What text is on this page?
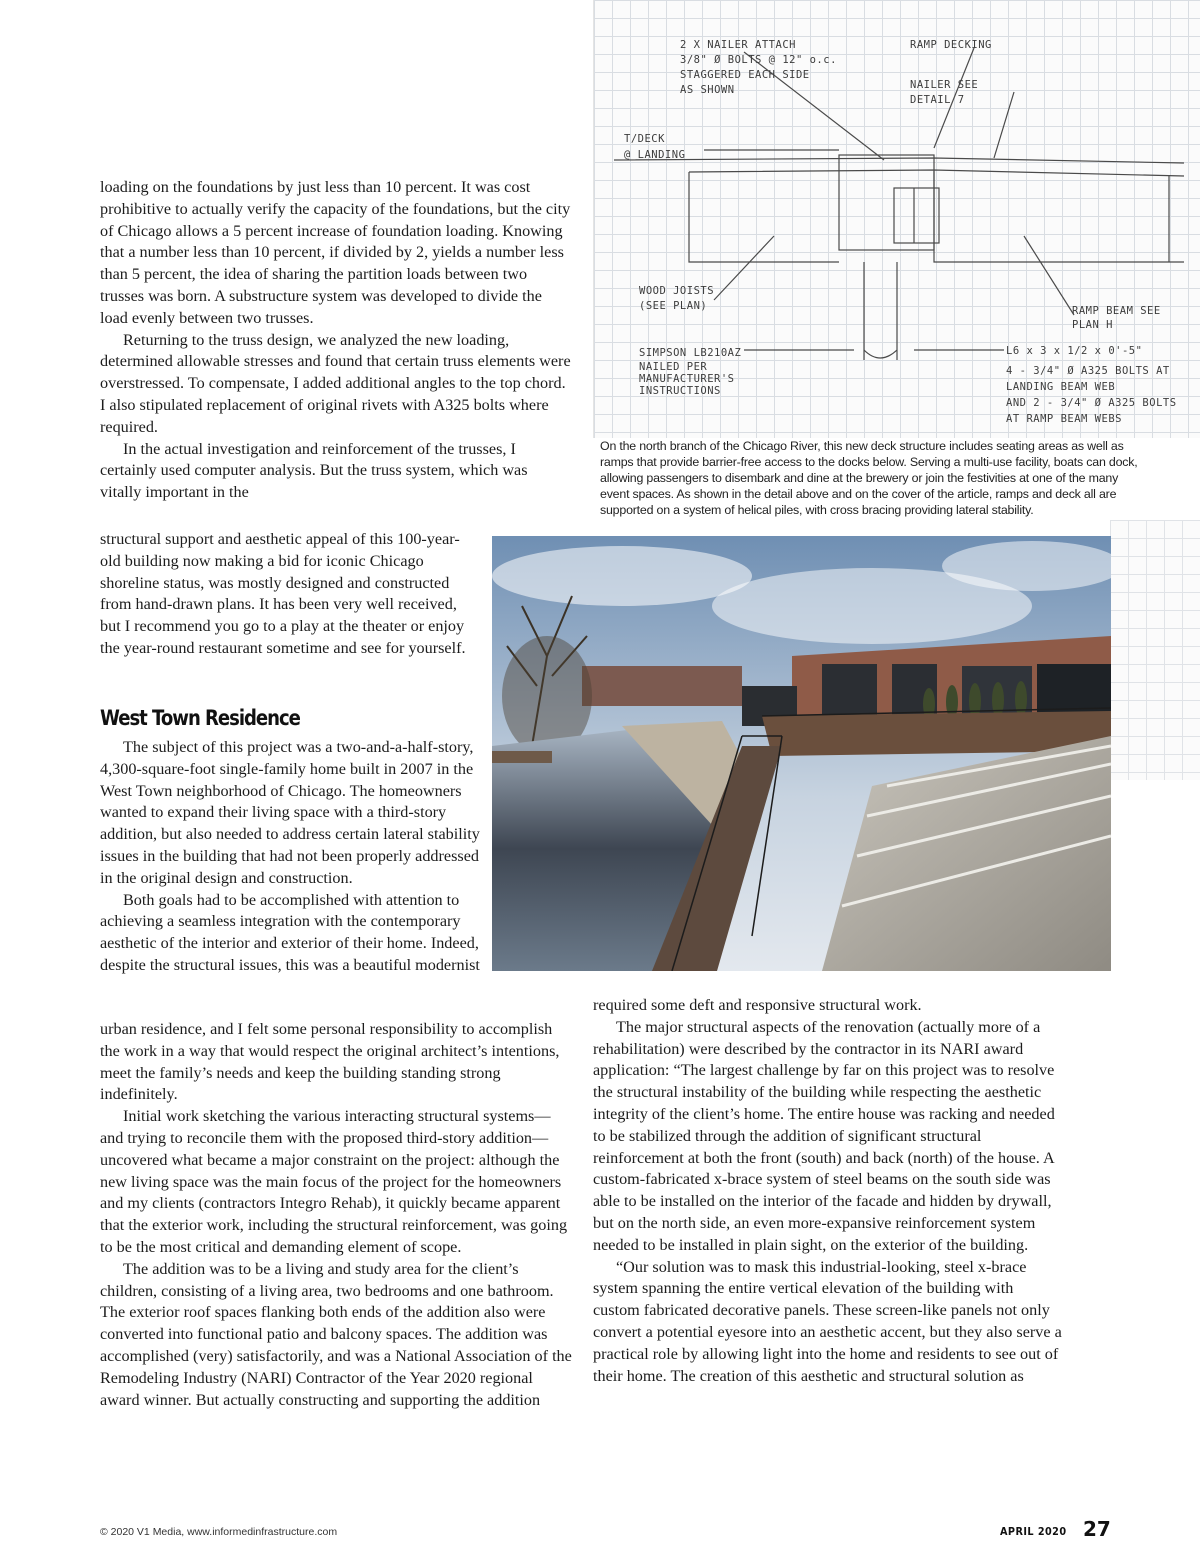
2 X NAILER ATTACH
3/8" Ø BOLTS @ 12" o.c.
STAGGERED EACH SIDE
AS SHOWN
RAMP DECKING
NAILER SEE
DETAIL 7
T/DECK
@ LANDING
WOOD JOISTS
(SEE PLAN)	RAMP BEAM SEE
PLAN H
SIMPSON LB210AZ
NAILED PER
MANUFACTURER'S
INSTRUCTIONS
L6 x 3 x 1/2 x 0'-5"
4 - 3/4" Ø A325 BOLTS AT
LANDING BEAM WEB
AND 2 - 3/4" Ø A325 BOLTS
AT RAMP BEAM WEBS
On the north branch of the Chicago River, this new deck structure includes seating areas as well as ramps that provide barrier-free access to the docks below. Serving a multi-use facility, boats can dock, allowing passengers to disembark and dine at the brewery or join the festivities at one of the many event spaces. As shown in the detail above and on the cover of the article, ramps and deck all are supported on a system of helical piles, with cross bracing providing lateral stability.

loading on the foundations by just less than 10 percent. It was cost prohibitive to actually verify the capacity of the foundations, but the city of Chicago allows a 5 percent increase of foundation loading. Knowing that a number less than 10 percent, if divided by 2, yields a number less than 5 percent, the idea of sharing the partition loads between two trusses was born. A substructure system was developed to divide the load evenly between two trusses.

Returning to the truss design, we analyzed the new loading, determined allowable stresses and found that certain truss elements were overstressed. To compensate, I added additional angles to the top chord. I also stipulated replacement of original rivets with A325 bolts where required.

In the actual investigation and reinforcement of the trusses, I certainly used computer analysis. But the truss system, which was vitally important in the

structural support and aesthetic appeal of this 100-year-old building now making a bid for iconic Chicago shoreline status, was mostly designed and constructed from hand-drawn plans. It has been very well received, but I recommend you go to a play at the theater or enjoy the year-round restaurant sometime and see for yourself.

West Town Residence

The subject of this project was a two-and-a-half-story, 4,300-square-foot single-family home built in 2007 in the West Town neighborhood of Chicago. The homeowners wanted to expand their living space with a third-story addition, but also needed to address certain lateral stability issues in the building that had not been properly addressed in the original design and construction.

Both goals had to be accomplished with attention to achieving a seamless integration with the contemporary aesthetic of the interior and exterior of their home. Indeed, despite the structural issues, this was a beautiful modernist

urban residence, and I felt some personal responsibility to accomplish the work in a way that would respect the original architect’s intentions, meet the family’s needs and keep the building standing strong indefinitely.

Initial work sketching the various interacting structural systems—and trying to reconcile them with the proposed third-story addition—uncovered what became a major constraint on the project: although the new living space was the main focus of the project for the homeowners and my clients (contractors Integro Rehab), it quickly became apparent that the exterior work, including the structural reinforcement, was going to be the most critical and demanding element of scope.

The addition was to be a living and study area for the client’s children, consisting of a living area, two bedrooms and one bathroom. The exterior roof spaces flanking both ends of the addition also were converted into functional patio and balcony spaces. The addition was accomplished (very) satisfactorily, and was a National Association of the Remodeling Industry (NARI) Contractor of the Year 2020 regional award winner. But actually constructing and supporting the addition

required some deft and responsive structural work.

The major structural aspects of the renovation (actually more of a rehabilitation) were described by the contractor in its NARI award application: “The largest challenge by far on this project was to resolve the structural instability of the building while respecting the aesthetic integrity of the client’s home. The entire house was racking and needed to be stabilized through the addition of significant structural reinforcement at both the front (south) and back (north) of the house. A custom-fabricated x-brace system of steel beams on the south side was able to be installed on the interior of the facade and hidden by drywall, but on the north side, an even more-expansive reinforcement system needed to be installed in plain sight, on the exterior of the building.

“Our solution was to mask this industrial-looking, steel x-brace system spanning the entire vertical elevation of the building with custom fabricated decorative panels. These screen-like panels not only convert a potential eyesore into an aesthetic accent, but they also serve a practical role by allowing light into the home and residents to see out of their home. The creation of this aesthetic and structural solution as

© 2020 V1 Media, www.informedinfrastructure.com	APRIL 2020 27
